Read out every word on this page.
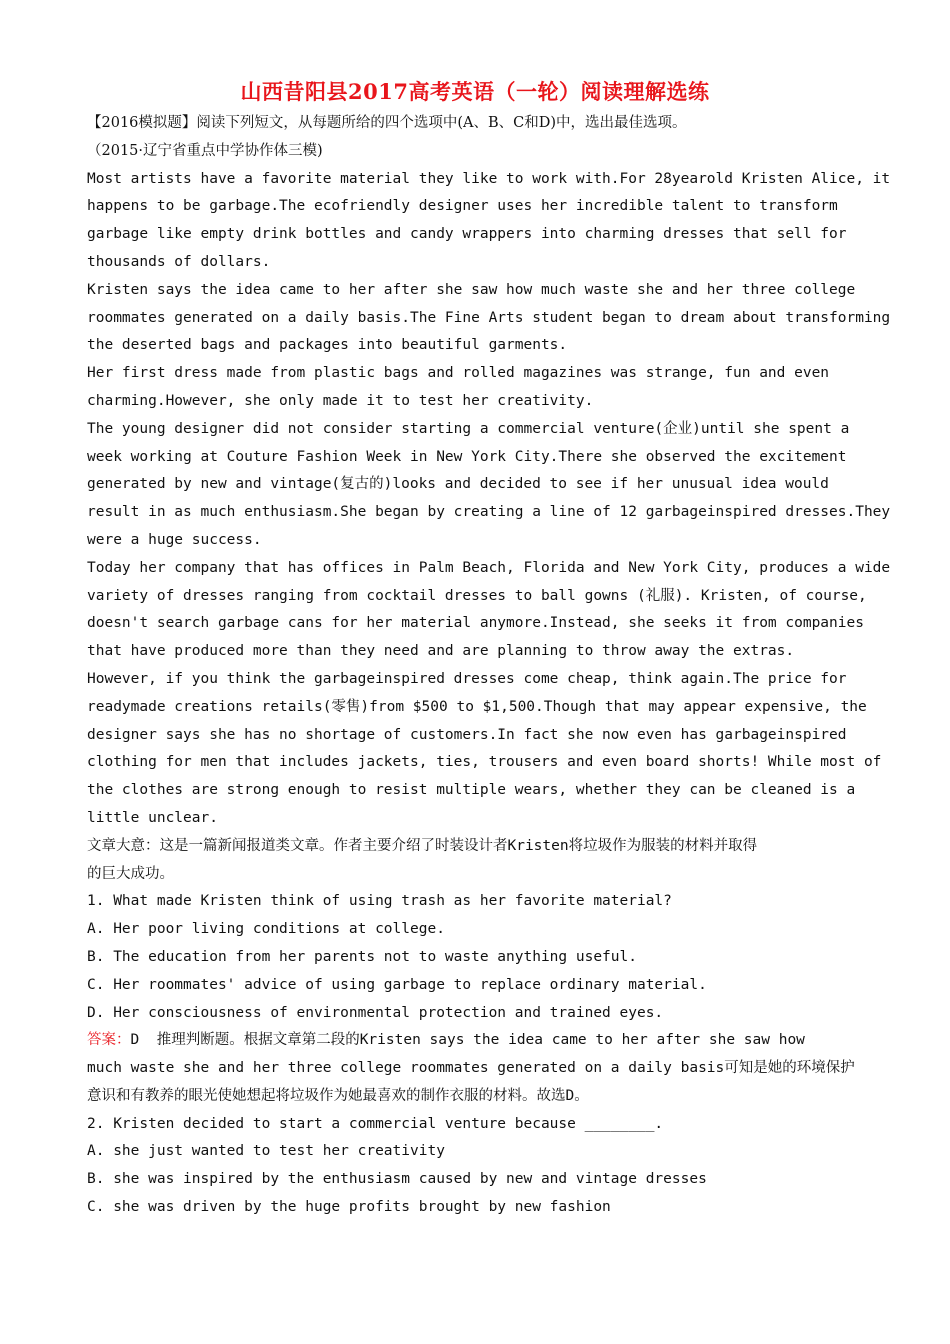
山西昔阳县2017高考英语（一轮）阅读理解选练
【2016模拟题】阅读下列短文，从每题所给的四个选项中(A、B、C和D)中，选出最佳选项。
（2015·辽宁省重点中学协作体三模)
Most artists have a favorite material they like to work with.For 28yearold Kristen Alice, it
happens to be garbage.The ecofriendly designer uses her incredible talent to transform
garbage like empty drink bottles and candy wrappers into charming dresses that sell for
thousands of dollars.
Kristen says the idea came to her after she saw how much waste she and her three college
roommates generated on a daily basis.The Fine Arts student began to dream about transforming
the deserted bags and packages into beautiful garments.
Her first dress made from plastic bags and rolled magazines was strange, fun and even
charming.However, she only made it to test her creativity.
The young designer did not consider starting a commercial venture(企业)until she spent a
week working at Couture Fashion Week in New York City.There she observed the excitement
generated by new and vintage(复古的)looks and decided to see if her unusual idea would
result in as much enthusiasm.She began by creating a line of 12 garbageinspired dresses.They
were a huge success.
Today her company that has offices in Palm Beach, Florida and New York City, produces a wide
variety of dresses ranging from cocktail dresses to ball gowns (礼服). Kristen, of course,
doesn't search garbage cans for her material anymore.Instead, she seeks it from companies
that have produced more than they need and are planning to throw away the extras.
However, if you think the garbageinspired dresses come cheap, think again.The price for
readymade creations retails(零售)from $500 to $1,500.Though that may appear expensive, the
designer says she has no shortage of customers.In fact she now even has garbageinspired
clothing for men that includes jackets, ties, trousers and even board shorts! While most of
the clothes are strong enough to resist multiple wears, whether they can be cleaned is a
little unclear.
文章大意：这是一篇新闻报道类文章。作者主要介绍了时装设计者Kristen将垃圾作为服装的材料并取得
的巨大成功。
1. What made Kristen think of using trash as her favorite material?
A. Her poor living conditions at college.
B. The education from her parents not to waste anything useful.
C. Her roommates' advice of using garbage to replace ordinary material.
D. Her consciousness of environmental protection and trained eyes.
答案：D  推理判断题。根据文章第二段的Kristen says the idea came to her after she saw how
much waste she and her three college roommates generated on a daily basis可知是她的环境保护
意识和有教养的眼光使她想起将垃圾作为她最喜欢的制作衣服的材料。故选D。
2. Kristen decided to start a commercial venture because ________.
A. she just wanted to test her creativity
B. she was inspired by the enthusiasm caused by new and vintage dresses
C. she was driven by the huge profits brought by new fashion
